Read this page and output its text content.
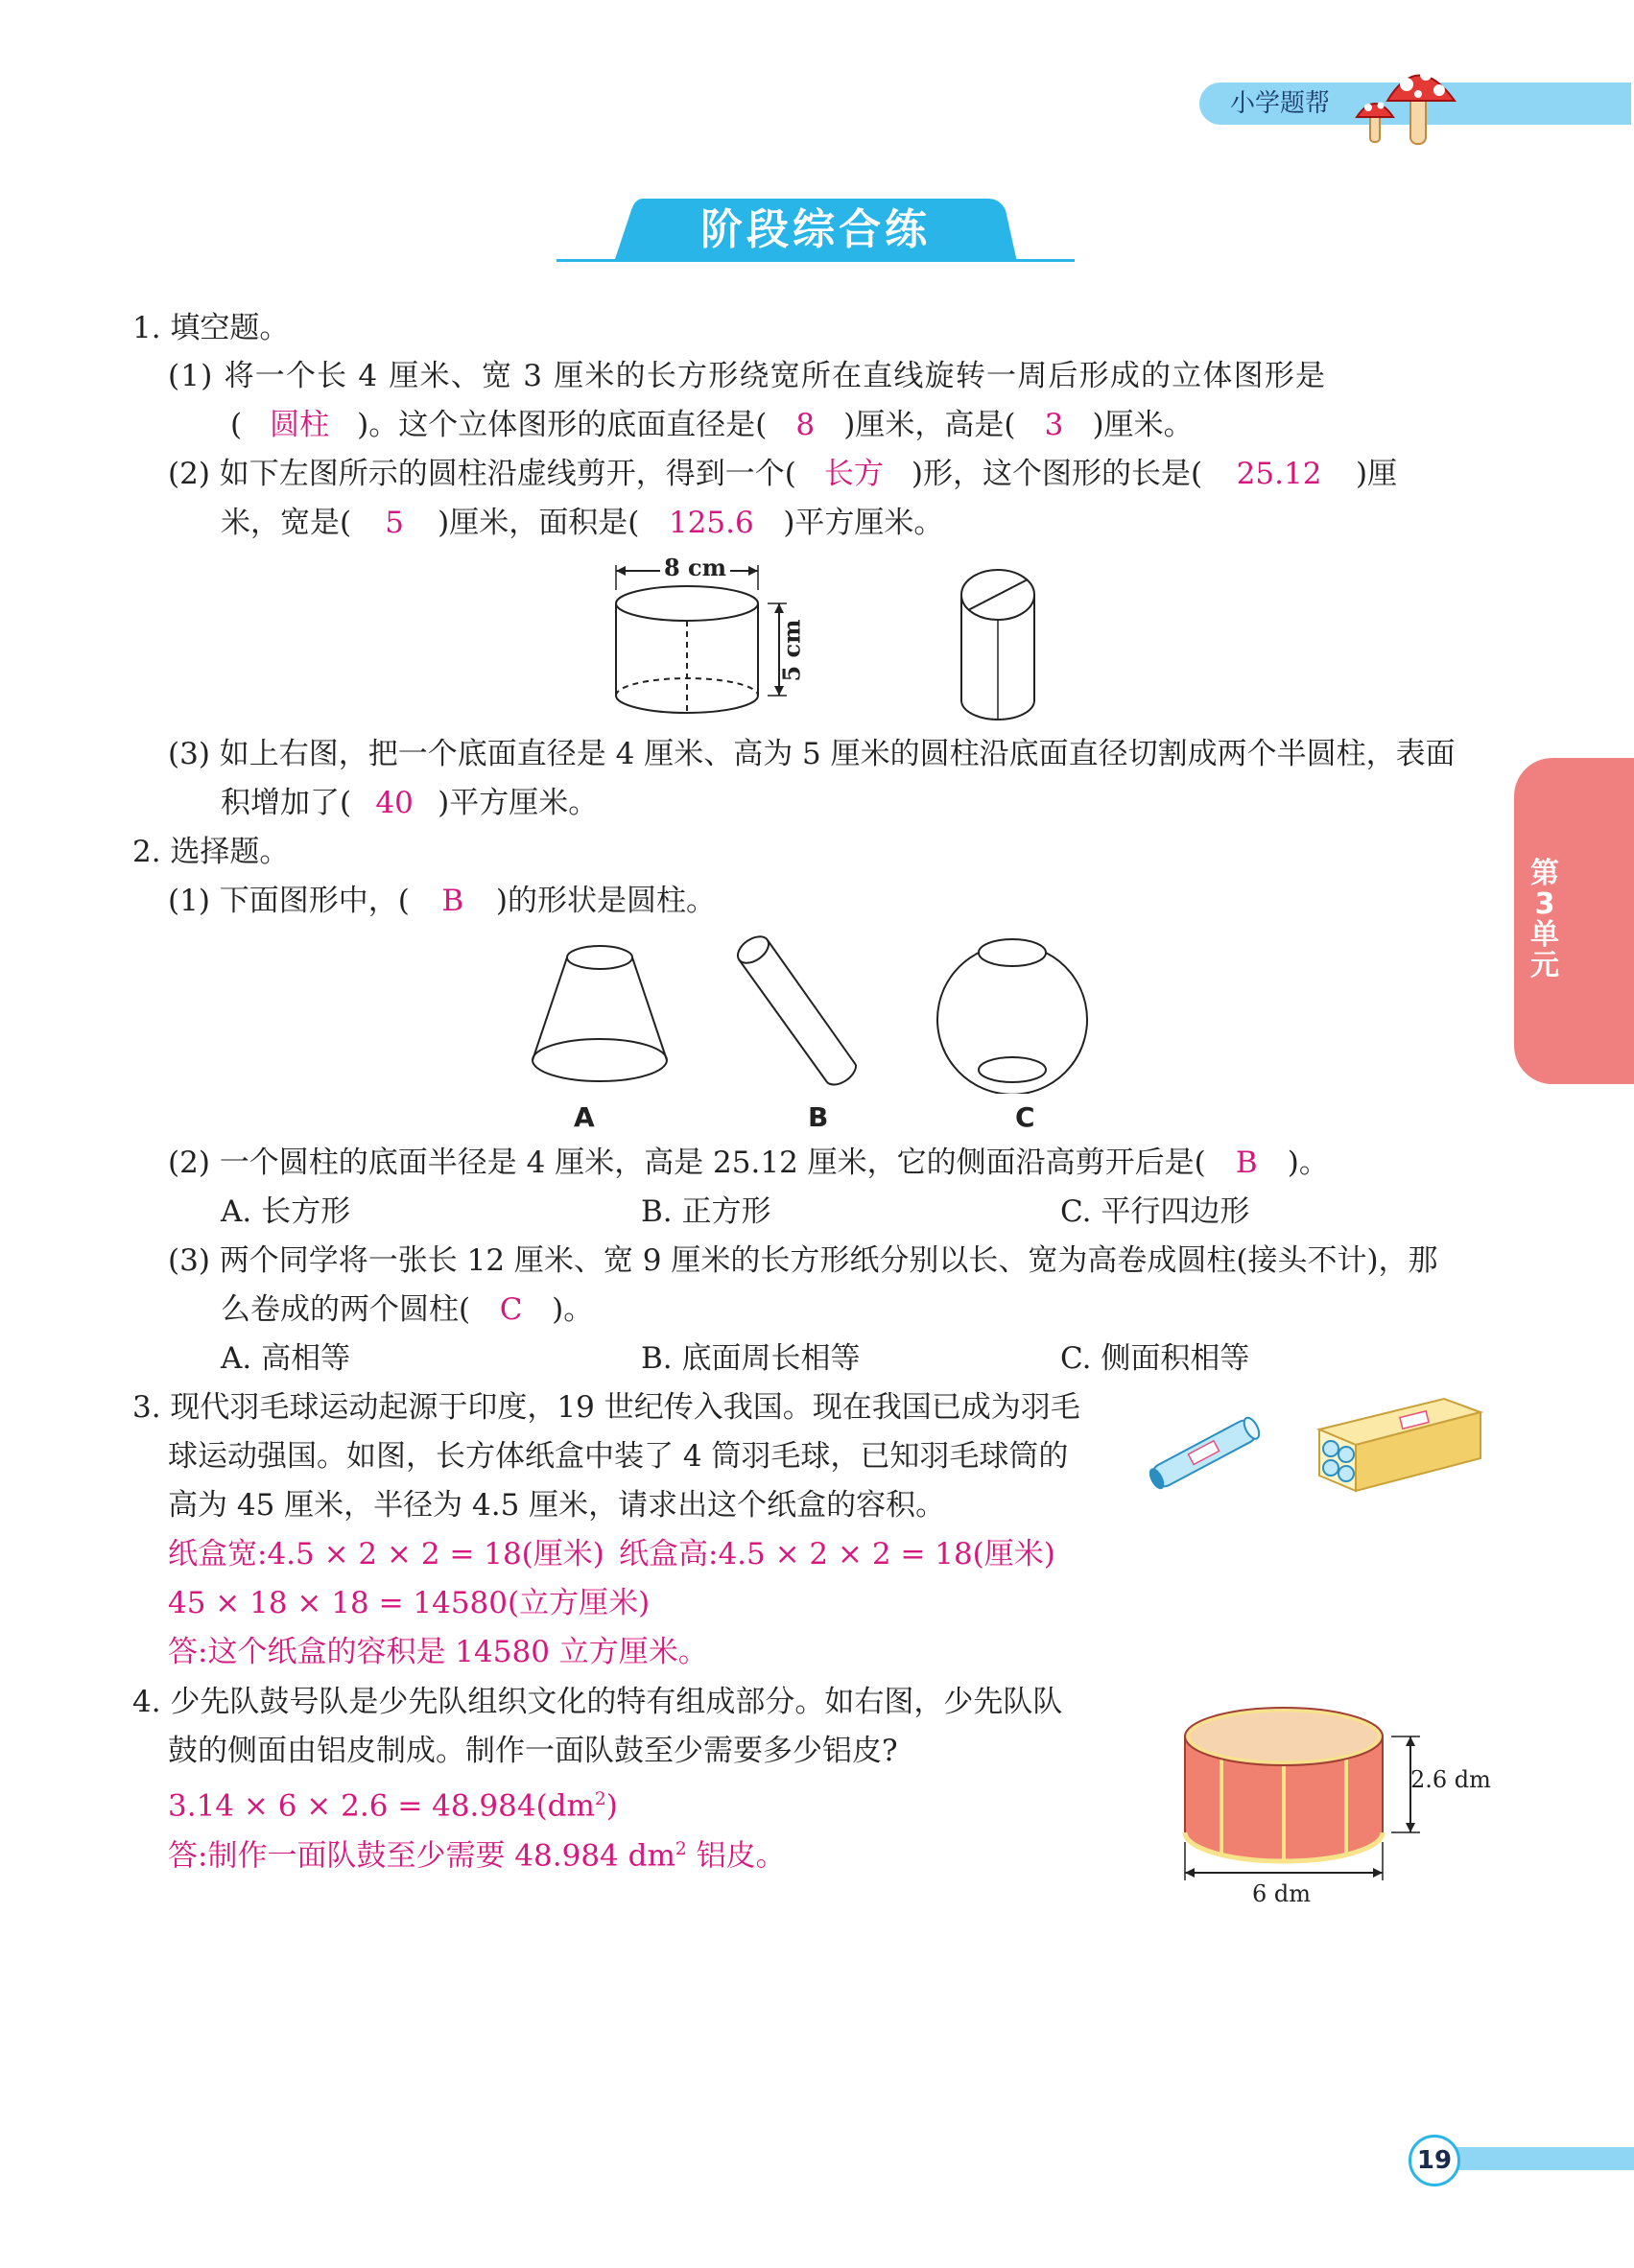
小学题帮
阶段综合练
第
3
单
元
1. 填空题。
(1) 将一个长 4 厘米、宽 3 厘米的长方形绕宽所在直线旋转一周后形成的立体图形是
( 圆柱 )。这个立体图形的底面直径是( 8 )厘米，高是( 3 )厘米。
(2) 如下左图所示的圆柱沿虚线剪开，得到一个( 长方 )形，这个图形的长是( 25.12 )厘
米，宽是( 5 )厘米，面积是( 125.6 )平方厘米。
8 cm
5 cm
(3) 如上右图，把一个底面直径是 4 厘米、高为 5 厘米的圆柱沿底面直径切割成两个半圆柱，表面
积增加了( 40 )平方厘米。
2. 选择题。
(1) 下面图形中，( B )的形状是圆柱。
A	B	C
(2) 一个圆柱的底面半径是 4 厘米，高是 25.12 厘米，它的侧面沿高剪开后是( B )。
A. 长方形	B. 正方形	C. 平行四边形
(3) 两个同学将一张长 12 厘米、宽 9 厘米的长方形纸分别以长、宽为高卷成圆柱(接头不计)，那
么卷成的两个圆柱( C )。
A. 高相等	B. 底面周长相等	C. 侧面积相等
3. 现代羽毛球运动起源于印度，19 世纪传入我国。现在我国已成为羽毛
球运动强国。如图，长方体纸盒中装了 4 筒羽毛球，已知羽毛球筒的
高为 45 厘米，半径为 4.5 厘米，请求出这个纸盒的容积。
纸盒宽:4.5 × 2 × 2 = 18(厘米) 纸盒高:4.5 × 2 × 2 = 18(厘米)
45 × 18 × 18 = 14580(立方厘米)
答:这个纸盒的容积是 14580 立方厘米。
4. 少先队鼓号队是少先队组织文化的特有组成部分。如右图，少先队队
鼓的侧面由铝皮制成。制作一面队鼓至少需要多少铝皮?
$3.14 \times 6 \times 2.6 = 48.984(dm^2)$
答:制作一面队鼓至少需要 48.984 $dm^2$ 铝皮。
2.6 dm
6 dm
19
